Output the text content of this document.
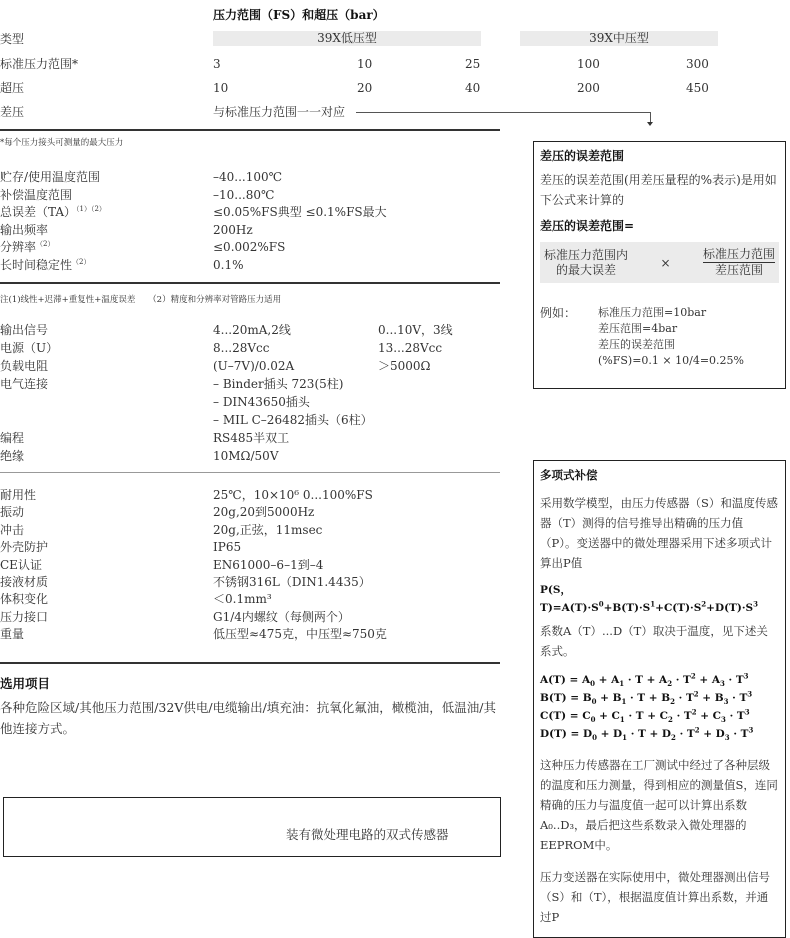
压力范围（FS）和超压（bar）
类型	39X低压型	39X中压型
标准压力范围*	3	10	25	100	300
超压	10	20	40	200	450
差压	与标准压力范围一一对应
*每个压力接头可测量的最大压力
贮存/使用温度范围	–40...100℃
补偿温度范围	–10...80℃
总误差（TA）$^{(1)(2)}$	≤0.05%FS典型 ≤0.1%FS最大
输出频率	200Hz
分辨率$^{(2)}$	≤0.002%FS
长时间稳定性$^{(2)}$	0.1%
输出信号	4...20mA,2线	0...10V，3线
电源（U）	8...28Vcc	13...28Vcc
负载电阻	(U–7V)/0.02A	＞5000Ω
电气连接	– Binder插头 723(5柱)
– DIN43650插头
– MIL C–26482插头（6柱）
编程	RS485半双工
绝缘	10MΩ/50V
耐用性	25℃，10×10⁶ 0...100%FS
振动	20g,20到5000Hz
冲击	20g,正弦，11msec
外壳防护	IP65
CE认证	EN61000–6–1到–4
接液材质	不锈钢316L（DIN1.4435）
体积变化	＜0.1mm³
压力接口	G1/4内螺纹（每侧两个）
重量	低压型≈475克，中压型≈750克
注(1)线性+迟滞+重复性+温度误差　　（2）精度和分辨率对管路压力适用
选用项目
各种危险区域/其他压力范围/32V供电/电缆输出/填充油：抗氧化氟油，橄榄油，低温油/其他连接方式。
装有微处理电路的双式传感器
差压的误差范围
差压的误差范围(用差压量程的%表示)是用如下公式来计算的
差压的误差范围=
标准压力范围内
的最大误差	×
标准压力范围
差压范围
例如：	标准压力范围=10bar
差压范围=4bar
差压的误差范围
(%FS)=0.1 × 10/4=0.25%
多项式补偿
采用数学模型，由压力传感器（S）和温度传感器（T）测得的信号推导出精确的压力值（P）。变送器中的微处理器采用下述多项式计算出P值
P(S，$T)=A(T)\cdot S^0+B(T)\cdot S^1+C(T)\cdot S^2+D(T)\cdot S^3$
系数A（T）...D（T）取决于温度，见下述关系式。
$A(T) = A_0 + A_1 \cdot T + A_2 \cdot T^2 + A_3 \cdot T^3$
$B(T) = B_0 + B_1 \cdot T + B_2 \cdot T^2 + B_3 \cdot T^3$
$C(T) = C_0 + C_1 \cdot T + C_2 \cdot T^2 + C_3 \cdot T^3$
$D(T) = D_0 + D_1 \cdot T + D_2 \cdot T^2 + D_3 \cdot T^3$
这种压力传感器在工厂测试中经过了各种层级的温度和压力测量，得到相应的测量值S，连同精确的压力与温度值一起可以计算出系数A₀..D₃，最后把这些系数录入微处理器的EEPROM中。
压力变送器在实际使用中，微处理器测出信号（S）和（T），根据温度值计算出系数，并通过P
